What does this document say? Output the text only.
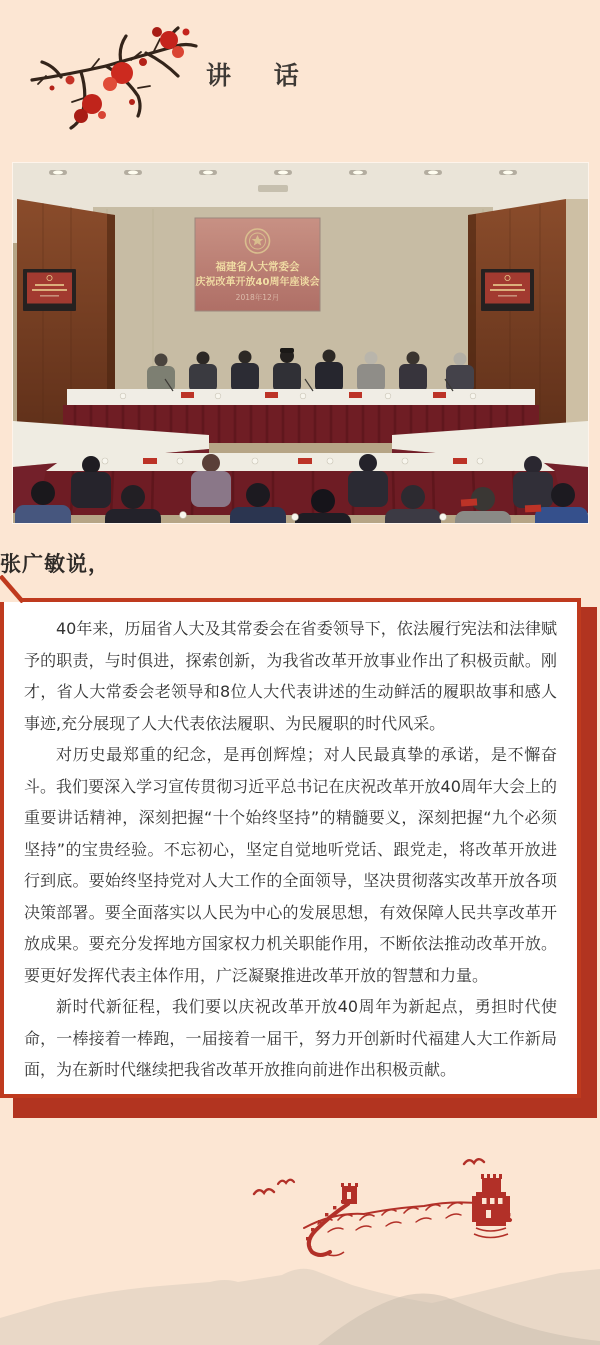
讲 话
福建省人大常委会
庆祝改革开放40周年座谈会
2018年12月
张广敏说，

40年来，历届省人大及其常委会在省委领导下，依法履行宪法和法律赋予的职责，与时俱进，探索创新，为我省改革开放事业作出了积极贡献。刚才，省人大常委会老领导和8位人大代表讲述的生动鲜活的履职故事和感人事迹,充分展现了人大代表依法履职、为民履职的时代风采。

对历史最郑重的纪念，是再创辉煌；对人民最真挚的承诺，是不懈奋斗。我们要深入学习宣传贯彻习近平总书记在庆祝改革开放40周年大会上的重要讲话精神，深刻把握“十个始终坚持”的精髓要义，深刻把握“九个必须坚持”的宝贵经验。不忘初心，坚定自觉地听党话、跟党走，将改革开放进行到底。要始终坚持党对人大工作的全面领导，坚决贯彻落实改革开放各项决策部署。要全面落实以人民为中心的发展思想，有效保障人民共享改革开放成果。要充分发挥地方国家权力机关职能作用，不断依法推动改革开放。要更好发挥代表主体作用，广泛凝聚推进改革开放的智慧和力量。

新时代新征程，我们要以庆祝改革开放40周年为新起点，勇担时代使命，一棒接着一棒跑，一届接着一届干，努力开创新时代福建人大工作新局面，为在新时代继续把我省改革开放推向前进作出积极贡献。
